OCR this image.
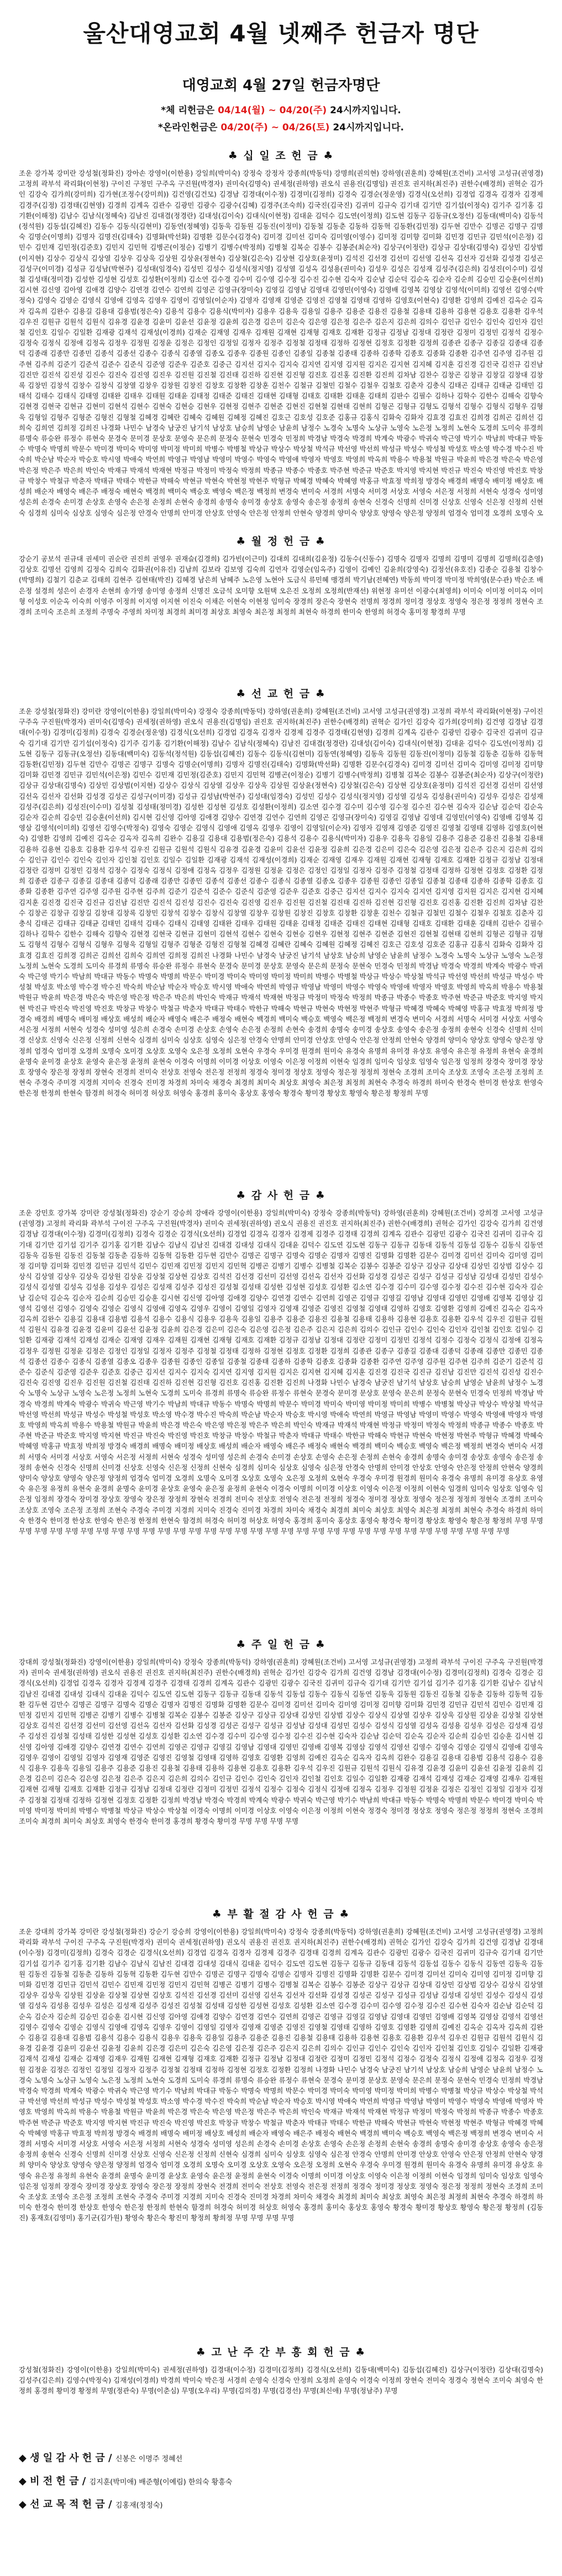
울산대영교회 4월 넷째주 헌금자 명단
대영교회 4월 27일 헌금자명단
*체 리헌금은 04/14(월) ~ 04/20(주) 24시까지입니다.
*온라인헌금은 04/20(주) ~ 04/26(토) 24시까지입니다.
♣ 십 일 조 헌 금 ♣
조운 강가복 강미란 강성철(정화진) 강아손 강영이(이한용) 강일희(박미숙) 강정숙 강정자 강종희(박동덕) 강명희(권의현) 강하영(권훈희) 강혜원(조건비) 고서영 고성규(권영경) 고정희 곽부석 곽리화(이현정) 구이진 구정민 구주옥 구진원(박경자) 권미숙(김명숙) 권세정(권하영) 권오식 권용진(김명임) 권진호 권지하(최진주) 권한수(배경희) 권혁순 김가인 김강숙 김가희(강미희) 김가현(조정수(강미희)) 김건영(김건모) 김경남 김경대(이수정) 김경미(김정희) 김경숙 김경순(정운영) 김경식(오선희) 김경업 김경옥 김경자 김경제 김경주(김정) 김경태(김현영) 김경희 김계옥 김관수 김광민 김광수 김광수(김혜) 김경주(조숙희) 김국진(김국진) 김귀미 김규숙 김기대 김기만 김기섭(이정숙) 김기주 김기홍 김기환(이해정) 김남수 김남식(정혜숙) 김남진 김대겸(정경란) 김대성(김이숙) 김대식(이현정) 김대윤 김덕수 김도연(이정희) 김도현 김동구 김동규(오정선) 김동대(백미숙) 김동석(정석원) 김동섭(김혜진) 김동수 김동식(김현미) 김동연(정혜영) 김동욱 김동원 김동진(이정미) 김동철 김동춘 김동하 김동혁 김동환(김민정) 김두현 김만수 김명곤 김명구 김명숙 김명순(이명희) 김명자 김명진(김태숙) 김명화(박선화) 김명환 김문수(김경숙) 김미경 김미선 김미숙 김미영(이영수) 김미정 김미향 김미화 김민경 김민규 김민석(이은정) 김민수 김민재 김민정(김준호) 김민지 김민혁 김병곤(이정순) 김병기 김병수(박정희) 김병철 김복순 김봉수 김봉준(최순자) 김상구(이정란) 김상규 김상대(김명숙) 김상민 김상범(이지현) 김상수 김상식 김상열 김상우 김상욱 김상원 김상윤(정현숙) 김상철(김은숙) 김상현 김상호(윤정미) 김석진 김선경 김선미 김선영 김선옥 김선자 김선화 김성경 김성곤 김성구(이미경) 김성규 김성남(박현주) 김성대(임경숙) 김성민 김성수 김성식(정지영) 김성열 김성옥 김성용(권미숙) 김성우 김성은 김성재 김성주(김은희) 김성진(이수미) 김성철 김성태(정미경) 김성한 김성현 김성호 김성환(이정희) 김소연 김수경 김수미 김수영 김수정 김수진 김수현 김숙자 김순남 김순덕 김순옥 김순자 김순희 김승민 김승훈(이선희) 김시현 김신영 김아영 김애경 김양수 김연경 김연수 김연희 김영곤 김영규(장미숙) 김영길 김영남 김영대 김영민(이영숙) 김영배 김영복 김영삼 김영석(이미희) 김영선 김영수(박정숙) 김영숙 김영순 김영식 김영애 김영옥 김영우 김영이 김영일(이순자) 김영자 김영재 김영준 김영진 김영철 김영태 김영하 김영호(이현숙) 김영환 김영희 김예진 김옥순 김옥자 김옥희 김완수 김용길 김용대 김용범(정은숙) 김용석 김용수 김용식(박미자) 김용우 김용욱 김용일 김용주 김용준 김용진 김용철 김용태 김용하 김용현 김용호 김용환 김우석 김우진 김원규 김원석 김원식 김유경 김윤경 김윤미 김윤선 김윤정 김윤희 김은경 김은미 김은숙 김은영 김은정 김은주 김은지 김은희 김의수 김인규 김인수 김인숙 김인자 김인철 김인호 김일수 김일환 김재광 김재석 김재성(이경희) 김재순 김재영 김재우 김재원 김재현 김재형 김재호 김재환 김정규 김정남 김정대 김정란 김정미 김정민 김정석 김정수 김정숙 김정식 김정애 김정옥 김정우 김정원 김정윤 김정은 김정인 김정일 김정자 김정주 김정철 김정태 김정하 김정현 김정호 김정환 김정희 김종관 김종구 김종길 김종대 김종덕 김종래 김종만 김종민 김종석 김종선 김종수 김종식 김종열 김종오 김종우 김종원 김종인 김종일 김종철 김종태 김종하 김종학 김종호 김종화 김종환 김주연 김주영 김주원 김주현 김주희 김준기 김준석 김준수 김준식 김준영 김준우 김준호 김중근 김지선 김지수 김지숙 김지연 김지영 김지원 김지은 김지현 김지혜 김지훈 김진경 김진국 김진규 김진남 김진만 김진석 김진성 김진수 김진숙 김진영 김진우 김진원 김진철 김진태 김진하 김진현 김진형 김진호 김진홍 김진환 김진희 김차남 김찬수 김창곤 김창규 김창길 김창대 김창록 김창민 김창석 김창수 김창식 김창열 김창우 김창원 김창진 김창호 김창환 김창훈 김천수 김철규 김철민 김철수 김철우 김철호 김춘자 김충식 김태곤 김태규 김태균 김태민 김태석 김태수 김태식 김태영 김태완 김태우 김태원 김태윤 김태정 김태준 김태진 김태현 김태형 김태호 김태환 김태훈 김태희 김판수 김필수 김하나 김학수 김한수 김해숙 김향숙 김현경 김현국 김현규 김현미 김현석 김현수 김현숙 김현승 김현우 김현정 김현주 김현준 김현진 김현철 김현태 김현희 김형곤 김형규 김형도 김형석 김형수 김형식 김형우 김형욱 김형일 김형주 김형준 김형진 김형철 김혜경 김혜란 김혜숙 김혜원 김혜정 김혜진 김호근 김호성 김호준 김홍규 김홍식 김화숙 김화자 김효경 김효진 김희경 김희곤 김희선 김희숙 김희연 김희정 김희진 나경화 나민수 남경숙 남궁진 남기석 남상호 남승희 남영순 남윤희 남정수 노경숙 노명숙 노상규 노영숙 노은정 노정희 노현숙 도경희 도미숙 류경희 류명숙 류승완 류정수 류현숙 문경숙 문미경 문상호 문영숙 문은희 문정숙 문현숙 민경숙 민정희 박경남 박경숙 박경희 박계숙 박광수 박귀숙 박근영 박기수 박남희 박대규 박동수 박명숙 박명희 박문수 박미경 박미숙 박미영 박미정 박미희 박병수 박병철 박상규 박상수 박상철 박석규 박선영 박선희 박성규 박성수 박성철 박성호 박소영 박수경 박수진 박숙희 박순남 박순자 박승호 박시영 박애숙 박연희 박영규 박영남 박영미 박영수 박영숙 박영애 박영자 박영호 박영희 박옥희 박용수 박용철 박원규 박윤희 박은경 박은숙 박은영 박은정 박은주 박은희 박인숙 박재규 박재석 박재현 박정규 박정미 박정숙 박정희 박종규 박종수 박종호 박주현 박준규 박준호 박지영 박지현 박진규 박진숙 박진영 박진호 박창규 박창수 박철규 박춘자 박태규 박태수 박한규 박해숙 박현규 박현숙 박현정 박현주 박형규 박혜경 박혜숙 박혜영 박홍규 박효정 박희정 방경숙 배경희 배명숙 배미정 배상호 배성희 배순자 배영숙 배은주 배정숙 배현숙 백경희 백미숙 백승호 백영숙 백은정 백정희 변경숙 변미숙 서경희 서명숙 서미경 서상호 서영숙 서은정 서정희 서현숙 성경숙 성미영 성은희 손경숙 손미경 손상호 손영숙 손은정 손정희 손현숙 송경희 송명숙 송미경 송상호 송영숙 송은정 송정희 송현숙 신경숙 신명희 신미경 신상호 신영숙 신은정 신정희 신현숙 심경희 심미숙 심상호 심영숙 심은정 안경숙 안명희 안미경 안상호 안영숙 안은정 안정희 안현숙 양경희 양미숙 양상호 양영숙 양은정 양정희 엄경숙 엄미경 오경희 오명숙 오
♣ 월 정 헌 금 ♣
강순기 공보석 권규대 권세미 권순란 권진희 권영우 권재슬(김경희) 김가빈(이근미) 김대희 김대희(김윤정) 김동수(신동수) 김명숙 김명자 김명희 김명미 김명희 김명희(김춘영) 김상호 김명선 김영희 김정숙 김희숙 김화권(이유진) 김남희 김보라 김보영 김숙희 김연자 김영순(임옥주) 김영이 김예인 김윤희(강영숙) 김정선(유호진) 김종순 김용철 김창수(박명희) 김철기 김춘교 김태희 김현주 김현태(박진) 김혜경 남은희 남혜주 노은영 노현아 도금식 류민혜 맹경희 박기남(전혜연) 박동희 박미경 박미정 박희영(문수관) 박순조 배은정 설경희 성은이 손경자 손현희 송가영 송미영 송정희 신명진 오금석 오미향 오원택 오은진 오정희 오정희(반재선) 위현정 유미선 이광수(최영희) 이미숙 이미정 이미옥 이미형 이성호 이순옥 이숙희 이영주 이정희 이지영 이지현 이진숙 이채은 이현숙 이현정 임미숙 장경희 장은숙 장현숙 전명희 정경희 정미경 정상호 정영숙 정은정 정정희 정현숙 조경희 조미숙 조은희 조정희 주명숙 주영희 차미정 최경희 최미경 최상호 최영숙 최은정 최정희 최현숙 하경희 한미숙 한영희 허경숙 홍미정 황경희 무명
♣ 선 교 헌 금 ♣
조운 강성철(정화진) 강미란 강영이(이한용) 강일희(박미숙) 강정숙 강종희(박동덕) 강하영(권훈희) 강혜원(조건비) 고서영 고성규(권영경) 고정희 곽부석 곽리화(이현정) 구이진 구주옥 구진원(박경자) 권미숙(김명숙) 권세정(권하영) 권오식 권용진(김명임) 권진호 권지하(최진주) 권한수(배경희) 권혁순 김가인 김강숙 김가희(강미희) 김건영 김경남 김경대(이수정) 김경미(김정희) 김경숙 김경순(정운영) 김경식(오선희) 김경업 김경옥 김경자 김경제 김경주 김경태(김현영) 김경희 김계옥 김관수 김광민 김광수 김국진 김귀미 김규숙 김기대 김기만 김기섭(이정숙) 김기주 김기홍 김기환(이해정) 김남수 김남식(정혜숙) 김남진 김대겸(정경란) 김대성(김이숙) 김대식(이현정) 김대윤 김덕수 김도연(이정희) 김도현 김동구 김동규(오정선) 김동대(백미숙) 김동석(정석원) 김동섭(김혜진) 김동수 김동식(김현미) 김동연(정혜영) 김동욱 김동원 김동진(이정미) 김동철 김동춘 김동하 김동혁 김동환(김민정) 김두현 김만수 김명곤 김명구 김명숙 김명순(이명희) 김명자 김명진(김태숙) 김명화(박선화) 김명환 김문수(김경숙) 김미경 김미선 김미숙 김미영 김미정 김미향 김미화 김민경 김민규 김민석(이은정) 김민수 김민재 김민정(김준호) 김민지 김민혁 김병곤(이정순) 김병기 김병수(박정희) 김병철 김복순 김봉수 김봉준(최순자) 김상구(이정란) 김상규 김상대(김명숙) 김상민 김상범(이지현) 김상수 김상식 김상열 김상우 김상욱 김상원 김상윤(정현숙) 김상철(김은숙) 김상현 김상호(윤정미) 김석진 김선경 김선미 김선영 김선옥 김선자 김선화 김성경 김성곤 김성구(이미경) 김성규 김성남(박현주) 김성대(임경숙) 김성민 김성수 김성식(정지영) 김성열 김성옥 김성용(권미숙) 김성우 김성은 김성재 김성주(김은희) 김성진(이수미) 김성철 김성태(정미경) 김성한 김성현 김성호 김성환(이정희) 김소연 김수경 김수미 김수영 김수정 김수진 김수현 김숙자 김순남 김순덕 김순옥 김순자 김순희 김승민 김승훈(이선희) 김시현 김신영 김아영 김애경 김양수 김연경 김연수 김연희 김영곤 김영규(장미숙) 김영길 김영남 김영대 김영민(이영숙) 김영배 김영복 김영삼 김영석(이미희) 김영선 김영수(박정숙) 김영숙 김영순 김영식 김영애 김영옥 김영우 김영이 김영일(이순자) 김영자 김영재 김영준 김영진 김영철 김영태 김영하 김영호(이현숙) 김영환 김영희 김예진 김옥순 김옥자 김옥희 김완수 김용길 김용대 김용범(정은숙) 김용석 김용수 김용식(박미자) 김용우 김용욱 김용일 김용주 김용준 김용진 김용철 김용태 김용하 김용현 김용호 김용환 김우석 김우진 김원규 김원석 김원식 김유경 김윤경 김윤미 김윤선 김윤정 김윤희 김은경 김은미 김은숙 김은영 김은정 김은주 김은지 김은희 김의수 김인규 김인수 김인숙 김인자 김인철 김인호 김일수 김일환 김재광 김재석 김재성(이경희) 김재순 김재영 김재우 김재원 김재현 김재형 김재호 김재환 김정규 김정남 김정대 김정란 김정미 김정민 김정석 김정수 김정숙 김정식 김정애 김정옥 김정우 김정원 김정윤 김정은 김정인 김정일 김정자 김정주 김정철 김정태 김정하 김정현 김정호 김정환 김정희 김종관 김종구 김종길 김종대 김종덕 김종래 김종만 김종민 김종석 김종선 김종수 김종식 김종열 김종오 김종우 김종원 김종인 김종일 김종철 김종태 김종하 김종학 김종호 김종화 김종환 김주연 김주영 김주원 김주현 김주희 김준기 김준석 김준수 김준식 김준영 김준우 김준호 김중근 김지선 김지수 김지숙 김지연 김지영 김지원 김지은 김지현 김지혜 김지훈 김진경 김진국 김진규 김진남 김진만 김진석 김진성 김진수 김진숙 김진영 김진우 김진원 김진철 김진태 김진하 김진현 김진형 김진호 김진홍 김진환 김진희 김차남 김찬수 김창곤 김창규 김창길 김창대 김창록 김창민 김창석 김창수 김창식 김창열 김창우 김창원 김창진 김창호 김창환 김창훈 김천수 김철규 김철민 김철수 김철우 김철호 김춘자 김충식 김태곤 김태규 김태균 김태민 김태석 김태수 김태식 김태영 김태완 김태우 김태원 김태윤 김태정 김태준 김태진 김태현 김태형 김태호 김태환 김태훈 김태희 김판수 김필수 김하나 김학수 김한수 김해숙 김향숙 김현경 김현국 김현규 김현미 김현석 김현수 김현숙 김현승 김현우 김현정 김현주 김현준 김현진 김현철 김현태 김현희 김형곤 김형규 김형도 김형석 김형수 김형식 김형우 김형욱 김형일 김형주 김형준 김형진 김형철 김혜경 김혜란 김혜숙 김혜원 김혜정 김혜진 김호근 김호성 김호준 김홍규 김홍식 김화숙 김화자 김효경 김효진 김희경 김희곤 김희선 김희숙 김희연 김희정 김희진 나경화 나민수 남경숙 남궁진 남기석 남상호 남승희 남영순 남윤희 남정수 노경숙 노명숙 노상규 노영숙 노은정 노정희 노현숙 도경희 도미숙 류경희 류명숙 류승완 류정수 류현숙 문경숙 문미경 문상호 문영숙 문은희 문정숙 문현숙 민경숙 민정희 박경남 박경숙 박경희 박계숙 박광수 박귀숙 박근영 박기수 박남희 박대규 박동수 박명숙 박명희 박문수 박미경 박미숙 박미영 박미정 박미희 박병수 박병철 박상규 박상수 박상철 박석규 박선영 박선희 박성규 박성수 박성철 박성호 박소영 박수경 박수진 박숙희 박순남 박순자 박승호 박시영 박애숙 박연희 박영규 박영남 박영미 박영수 박영숙 박영애 박영자 박영호 박영희 박옥희 박용수 박용철 박원규 박윤희 박은경 박은숙 박은영 박은정 박은주 박은희 박인숙 박재규 박재석 박재현 박정규 박정미 박정숙 박정희 박종규 박종수 박종호 박주현 박준규 박준호 박지영 박지현 박진규 박진숙 박진영 박진호 박창규 박창수 박철규 박춘자 박태규 박태수 박한규 박해숙 박현규 박현숙 박현정 박현주 박형규 박혜경 박혜숙 박혜영 박홍규 박효정 박희정 방경숙 배경희 배명숙 배미정 배상호 배성희 배순자 배영숙 배은주 배정숙 배현숙 백경희 백미숙 백승호 백영숙 백은정 백정희 변경숙 변미숙 서경희 서명숙 서미경 서상호 서영숙 서은정 서정희 서현숙 성경숙 성미영 성은희 손경숙 손미경 손상호 손영숙 손은정 손정희 손현숙 송경희 송명숙 송미경 송상호 송영숙 송은정 송정희 송현숙 신경숙 신명희 신미경 신상호 신영숙 신은정 신정희 신현숙 심경희 심미숙 심상호 심영숙 심은정 안경숙 안명희 안미경 안상호 안영숙 안은정 안정희 안현숙 양경희 양미숙 양상호 양영숙 양은정 양정희 엄경숙 엄미경 오경희 오명숙 오미경 오상호 오영숙 오은정 오정희 오현숙 우경숙 우미경 원경희 원미숙 유경숙 유명희 유미경 유상호 유영숙 유은정 유정희 유현숙 윤경희 윤명숙 윤미경 윤상호 윤영숙 윤은정 윤정희 윤현숙 이경숙 이명희 이미경 이상호 이영숙 이은정 이정희 이현숙 임경희 임미숙 임상호 임영숙 임은정 임정희 장경숙 장미경 장상호 장영숙 장은정 장정희 장현숙 전경희 전미숙 전상호 전영숙 전은정 전정희 정경숙 정미경 정상호 정영숙 정은정 정정희 정현숙 조경희 조미숙 조상호 조영숙 조은정 조정희 조현숙 주경숙 주미경 지경희 지미숙 진경숙 진미경 차경희 차미숙 채경숙 최경희 최미숙 최상호 최영숙 최은정 최정희 최현숙 추경숙 하경희 하미숙 한경숙 한미경 한상호 한영숙 한은정 한정희 한현숙 함경희 허경숙 허미경 허상호 허영숙 홍경희 홍미숙 홍상호 홍영숙 황경숙 황미경 황상호 황영숙 황은정 황정희 무명
♣ 감 사 헌 금 ♣
조운 강민호 강가복 강미란 강성철(정화진) 강순기 강승희 강애라 강영이(이한용) 강일희(박미숙) 강정숙 강종희(박동덕) 강하영(권훈희) 강혜원(조건비) 강희경 고서영 고성규(권영경) 고정희 곽리화 곽부석 구이진 구주옥 구진원(박경자) 권미숙 권세정(권하영) 권오식 권용진 권진호 권지하(최진주) 권한수(배경희) 권혁순 김가인 김강숙 김가희 김건영 김경남 김경대(이수정) 김경미(김정희) 김경숙 김경순 김경식(오선희) 김경업 김경옥 김경자 김경제 김경주 김경태 김경희 김계옥 김관수 김광민 김광수 김국진 김귀미 김규숙 김기대 김기만 김기섭 김기주 김기홍 김기환 김남수 김남식 김남진 김대겸 김대성 김대식 김대윤 김덕수 김도연 김도현 김동구 김동규 김동대 김동석 김동섭 김동수 김동식 김동연 김동욱 김동원 김동진 김동철 김동춘 김동하 김동혁 김동환 김두현 김만수 김명곤 김명구 김명숙 김명순 김명자 김명진 김명화 김명환 김문수 김미경 김미선 김미숙 김미영 김미정 김미향 김미화 김민경 김민규 김민석 김민수 김민재 김민정 김민지 김민혁 김병곤 김병기 김병수 김병철 김복순 김봉수 김봉준 김상구 김상규 김상대 김상민 김상범 김상수 김상식 김상열 김상우 김상욱 김상원 김상윤 김상철 김상현 김상호 김석진 김선경 김선미 김선영 김선옥 김선자 김선화 김성경 김성곤 김성구 김성규 김성남 김성대 김성민 김성수 김성식 김성열 김성옥 김성용 김성우 김성은 김성재 김성주 김성진 김성철 김성태 김성한 김성현 김성호 김성환 김소연 김수경 김수미 김수영 김수정 김수진 김수현 김숙자 김순남 김순덕 김순옥 김순자 김순희 김승민 김승훈 김시현 김신영 김아영 김애경 김양수 김연경 김연수 김연희 김영곤 김영규 김영길 김영남 김영대 김영민 김영배 김영복 김영삼 김영석 김영선 김영수 김영숙 김영순 김영식 김영애 김영옥 김영우 김영이 김영일 김영자 김영재 김영준 김영진 김영철 김영태 김영하 김영호 김영환 김영희 김예진 김옥순 김옥자 김옥희 김완수 김용길 김용대 김용범 김용석 김용수 김용식 김용우 김용욱 김용일 김용주 김용준 김용진 김용철 김용태 김용하 김용현 김용호 김용환 김우석 김우진 김원규 김원석 김원식 김유경 김윤경 김윤미 김윤선 김윤정 김윤희 김은경 김은미 김은숙 김은영 김은정 김은주 김은지 김은희 김의수 김인규 김인수 김인숙 김인자 김인철 김인호 김일수 김일환 김재광 김재석 김재성 김재순 김재영 김재우 김재원 김재현 김재형 김재호 김재환 김정규 김정남 김정대 김정란 김정미 김정민 김정석 김정수 김정숙 김정식 김정애 김정옥 김정우 김정원 김정윤 김정은 김정인 김정일 김정자 김정주 김정철 김정태 김정하 김정현 김정호 김정환 김정희 김종관 김종구 김종길 김종대 김종덕 김종래 김종만 김종민 김종석 김종선 김종수 김종식 김종열 김종오 김종우 김종원 김종인 김종일 김종철 김종태 김종하 김종학 김종호 김종화 김종환 김주연 김주영 김주원 김주현 김주희 김준기 김준석 김준수 김준식 김준영 김준우 김준호 김중근 김지선 김지수 김지숙 김지연 김지영 김지원 김지은 김지현 김지혜 김지훈 김진경 김진국 김진규 김진남 김진만 김진석 김진성 김진수 김진숙 김진영 김진우 김진원 김진철 김진태 김진하 김진현 김진형 김진호 김진홍 김진환 김진희 나경화 나민수 남경숙 남궁진 남기석 남상호 남승희 남영순 남윤희 남정수 노경숙 노명숙 노상규 노영숙 노은정 노정희 노현숙 도경희 도미숙 류경희 류명숙 류승완 류정수 류현숙 문경숙 문미경 문상호 문영숙 문은희 문정숙 문현숙 민경숙 민정희 박경남 박경숙 박경희 박계숙 박광수 박귀숙 박근영 박기수 박남희 박대규 박동수 박명숙 박명희 박문수 박미경 박미숙 박미영 박미정 박미희 박병수 박병철 박상규 박상수 박상철 박석규 박선영 박선희 박성규 박성수 박성철 박성호 박소영 박수경 박수진 박숙희 박순남 박순자 박승호 박시영 박애숙 박연희 박영규 박영남 박영미 박영수 박영숙 박영애 박영자 박영호 박영희 박옥희 박용수 박용철 박원규 박윤희 박은경 박은숙 박은영 박은정 박은주 박은희 박인숙 박재규 박재석 박재현 박정규 박정미 박정숙 박정희 박종규 박종수 박종호 박주현 박준규 박준호 박지영 박지현 박진규 박진숙 박진영 박진호 박창규 박창수 박철규 박춘자 박태규 박태수 박한규 박해숙 박현규 박현숙 박현정 박현주 박형규 박혜경 박혜숙 박혜영 박홍규 박효정 박희정 방경숙 배경희 배명숙 배미정 배상호 배성희 배순자 배영숙 배은주 배정숙 배현숙 백경희 백미숙 백승호 백영숙 백은정 백정희 변경숙 변미숙 서경희 서명숙 서미경 서상호 서영숙 서은정 서정희 서현숙 성경숙 성미영 성은희 손경숙 손미경 손상호 손영숙 손은정 손정희 손현숙 송경희 송명숙 송미경 송상호 송영숙 송은정 송정희 송현숙 신경숙 신명희 신미경 신상호 신영숙 신은정 신정희 신현숙 심경희 심미숙 심상호 심영숙 심은정 안경숙 안명희 안미경 안상호 안영숙 안은정 안정희 안현숙 양경희 양미숙 양상호 양영숙 양은정 양정희 엄경숙 엄미경 오경희 오명숙 오미경 오상호 오영숙 오은정 오정희 오현숙 우경숙 우미경 원경희 원미숙 유경숙 유명희 유미경 유상호 유영숙 유은정 유정희 유현숙 윤경희 윤명숙 윤미경 윤상호 윤영숙 윤은정 윤정희 윤현숙 이경숙 이명희 이미경 이상호 이영숙 이은정 이정희 이현숙 임경희 임미숙 임상호 임영숙 임은정 임정희 장경숙 장미경 장상호 장영숙 장은정 장정희 장현숙 전경희 전미숙 전상호 전영숙 전은정 전정희 정경숙 정미경 정상호 정영숙 정은정 정정희 정현숙 조경희 조미숙 조상호 조영숙 조은정 조정희 조현숙 주경숙 주미경 지경희 지미숙 진경숙 진미경 차경희 차미숙 채경숙 최경희 최미숙 최상호 최영숙 최은정 최정희 최현숙 추경숙 하경희 하미숙 한경숙 한미경 한상호 한영숙 한은정 한정희 한현숙 함경희 허경숙 허미경 허상호 허영숙 홍경희 홍미숙 홍상호 홍영숙 황경숙 황미경 황상호 황영숙 황은정 황정희 무명 무명 무명 무명 무명 무명 무명 무명 무명 무명 무명 무명 무명 무명 무명 무명 무명 무명 무명 무명 무명 무명 무명 무명 무명 무명 무명 무명 무명 무명 무명 무명 무명 무명
♣ 주 일 헌 금 ♣
강대희 강성철(정화진) 강영이(이한용) 강일희(박미숙) 강정숙 강종희(박동덕) 강하영(권훈희) 강혜원(조건비) 고서영 고성규(권영경) 고정희 곽부석 구이진 구주옥 구진원(박경자) 권미숙 권세정(권하영) 권오식 권용진 권진호 권지하(최진주) 권한수(배경희) 권혁순 김가인 김강숙 김가희 김건영 김경남 김경대(이수정) 김경미(김정희) 김경숙 김경순 김경식(오선희) 김경업 김경옥 김경자 김경제 김경주 김경태 김경희 김계옥 김관수 김광민 김광수 김국진 김귀미 김규숙 김기대 김기만 김기섭 김기주 김기홍 김기환 김남수 김남식 김남진 김대겸 김대성 김대식 김대윤 김덕수 김도연 김도현 김동구 김동규 김동대 김동석 김동섭 김동수 김동식 김동연 김동욱 김동원 김동진 김동철 김동춘 김동하 김동혁 김동환 김두현 김만수 김명곤 김명구 김명숙 김명순 김명자 김명진 김명화 김명환 김문수 김미경 김미선 김미숙 김미영 김미정 김미향 김미화 김민경 김민규 김민석 김민수 김민재 김민정 김민지 김민혁 김병곤 김병기 김병수 김병철 김복순 김봉수 김봉준 김상구 김상규 김상대 김상민 김상범 김상수 김상식 김상열 김상우 김상욱 김상원 김상윤 김상철 김상현 김상호 김석진 김선경 김선미 김선영 김선옥 김선자 김선화 김성경 김성곤 김성구 김성규 김성남 김성대 김성민 김성수 김성식 김성열 김성옥 김성용 김성우 김성은 김성재 김성주 김성진 김성철 김성태 김성한 김성현 김성호 김성환 김소연 김수경 김수미 김수영 김수정 김수진 김수현 김숙자 김순남 김순덕 김순옥 김순자 김순희 김승민 김승훈 김시현 김신영 김아영 김애경 김양수 김연경 김연수 김연희 김영곤 김영규 김영길 김영남 김영대 김영민 김영배 김영복 김영삼 김영석 김영선 김영수 김영숙 김영순 김영식 김영애 김영옥 김영우 김영이 김영일 김영자 김영재 김영준 김영진 김영철 김영태 김영하 김영호 김영환 김영희 김예진 김옥순 김옥자 김옥희 김완수 김용길 김용대 김용범 김용석 김용수 김용식 김용우 김용욱 김용일 김용주 김용준 김용진 김용철 김용태 김용하 김용현 김용호 김용환 김우석 김우진 김원규 김원석 김원식 김유경 김윤경 김윤미 김윤선 김윤정 김윤희 김은경 김은미 김은숙 김은영 김은정 김은주 김은지 김은희 김의수 김인규 김인수 김인숙 김인자 김인철 김인호 김일수 김일환 김재광 김재석 김재성 김재순 김재영 김재우 김재원 김재현 김재형 김재호 김재환 김정규 김정남 김정대 김정란 김정미 김정민 김정석 김정수 김정숙 김정식 김정애 김정옥 김정우 김정원 김정윤 김정은 김정인 김정일 김정자 김정주 김정철 김정태 김정하 김정현 김정호 김정환 김정희 박경남 박경숙 박경희 박계숙 박광수 박귀숙 박근영 박기수 박남희 박대규 박동수 박명숙 박명희 박문수 박미경 박미숙 박미영 박미정 박미희 박병수 박병철 박상규 박상수 박상철 이경숙 이명희 이미경 이상호 이영숙 이은정 이정희 이현숙 정경숙 정미경 정상호 정영숙 정은정 정정희 정현숙 조경희 조미숙 최경희 최미숙 최상호 최영숙 한경숙 한미경 홍경희 황경숙 황미경 무명 무명 무명 무명
♣ 부 활 절 감 사 헌 금 ♣
조운 강대희 강가복 강미란 강성철(정화진) 강순기 강승희 강영이(이한용) 강일희(박미숙) 강정숙 강종희(박동덕) 강하영(권훈희) 강혜원(조건비) 고서영 고성규(권영경) 고정희 곽리화 곽부석 구이진 구주옥 구진원(박경자) 권미숙 권세정(권하영) 권오식 권용진 권진호 권지하(최진주) 권한수(배경희) 권혁순 김가인 김강숙 김가희 김건영 김경남 김경대(이수정) 김경미(김정희) 김경숙 김경순 김경식(오선희) 김경업 김경옥 김경자 김경제 김경주 김경태 김경희 김계옥 김관수 김광민 김광수 김국진 김귀미 김규숙 김기대 김기만 김기섭 김기주 김기홍 김기환 김남수 김남식 김남진 김대겸 김대성 김대식 김대윤 김덕수 김도연 김도현 김동구 김동규 김동대 김동석 김동섭 김동수 김동식 김동연 김동욱 김동원 김동진 김동철 김동춘 김동하 김동혁 김동환 김두현 김만수 김명곤 김명구 김명숙 김명순 김명자 김명진 김명화 김명환 김문수 김미경 김미선 김미숙 김미영 김미정 김미향 김미화 김민경 김민규 김민석 김민수 김민재 김민정 김민지 김민혁 김병곤 김병기 김병수 김병철 김복순 김봉수 김봉준 김상구 김상규 김상대 김상민 김상범 김상수 김상식 김상열 김상우 김상욱 김상원 김상윤 김상철 김상현 김상호 김석진 김선경 김선미 김선영 김선옥 김선자 김선화 김성경 김성곤 김성구 김성규 김성남 김성대 김성민 김성수 김성식 김성열 김성옥 김성용 김성우 김성은 김성재 김성주 김성진 김성철 김성태 김성한 김성현 김성호 김성환 김소연 김수경 김수미 김수영 김수정 김수진 김수현 김숙자 김순남 김순덕 김순옥 김순자 김순희 김승민 김승훈 김시현 김신영 김아영 김애경 김양수 김연경 김연수 김연희 김영곤 김영규 김영길 김영남 김영대 김영민 김영배 김영복 김영삼 김영석 김영선 김영수 김영숙 김영순 김영식 김영애 김영옥 김영우 김영이 김영일 김영자 김영재 김영준 김영진 김영철 김영태 김영하 김영호 김영환 김영희 김예진 김옥순 김옥자 김옥희 김완수 김용길 김용대 김용범 김용석 김용수 김용식 김용우 김용욱 김용일 김용주 김용준 김용진 김용철 김용태 김용하 김용현 김용호 김용환 김우석 김우진 김원규 김원석 김원식 김유경 김윤경 김윤미 김윤선 김윤정 김윤희 김은경 김은미 김은숙 김은영 김은정 김은주 김은지 김은희 김의수 김인규 김인수 김인숙 김인자 김인철 김인호 김일수 김일환 김재광 김재석 김재성 김재순 김재영 김재우 김재원 김재현 김재형 김재호 김재환 김정규 김정남 김정대 김정란 김정미 김정민 김정석 김정수 김정숙 김정식 김정애 김정옥 김정우 김정원 김정윤 김정은 김정인 김정일 김정자 김정주 김정철 김정태 김정하 김정현 김정호 김정환 김정희 나경화 나민수 남경숙 남궁진 남기석 남상호 남승희 남영순 남윤희 남정수 노경숙 노명숙 노상규 노영숙 노은정 노정희 노현숙 도경희 도미숙 류경희 류명숙 류승완 류정수 류현숙 문경숙 문미경 문상호 문영숙 문은희 문정숙 문현숙 민경숙 민정희 박경남 박경숙 박경희 박계숙 박광수 박귀숙 박근영 박기수 박남희 박대규 박동수 박명숙 박명희 박문수 박미경 박미숙 박미영 박미정 박미희 박병수 박병철 박상규 박상수 박상철 박석규 박선영 박선희 박성규 박성수 박성철 박성호 박소영 박수경 박수진 박숙희 박순남 박순자 박승호 박시영 박애숙 박연희 박영규 박영남 박영미 박영수 박영숙 박영애 박영자 박영호 박영희 박옥희 박용수 박용철 박원규 박윤희 박은경 박은숙 박은영 박은정 박은주 박은희 박인숙 박재규 박재석 박재현 박정규 박정미 박정숙 박정희 박종규 박종수 박종호 박주현 박준규 박준호 박지영 박지현 박진규 박진숙 박진영 박진호 박창규 박창수 박철규 박춘자 박태규 박태수 박한규 박해숙 박현규 박현숙 박현정 박현주 박형규 박혜경 박혜숙 박혜영 박홍규 박효정 박희정 방경숙 배경희 배명숙 배미정 배상호 배성희 배순자 배영숙 배은주 배정숙 배현숙 백경희 백미숙 백승호 백영숙 백은정 백정희 변경숙 변미숙 서경희 서명숙 서미경 서상호 서영숙 서은정 서정희 서현숙 성경숙 성미영 성은희 손경숙 손미경 손상호 손영숙 손은정 손정희 손현숙 송경희 송명숙 송미경 송상호 송영숙 송은정 송정희 송현숙 신경숙 신명희 신미경 신상호 신영숙 신은정 신정희 신현숙 심경희 심미숙 심상호 심영숙 심은정 안경숙 안명희 안미경 안상호 안영숙 안은정 안정희 안현숙 양경희 양미숙 양상호 양영숙 양은정 양정희 엄경숙 엄미경 오경희 오명숙 오미경 오상호 오영숙 오은정 오정희 오현숙 우경숙 우미경 원경희 원미숙 유경숙 유명희 유미경 유상호 유영숙 유은정 유정희 유현숙 윤경희 윤명숙 윤미경 윤상호 윤영숙 윤은정 윤정희 윤현숙 이경숙 이명희 이미경 이상호 이영숙 이은정 이정희 이현숙 임경희 임미숙 임상호 임영숙 임은정 임정희 장경숙 장미경 장상호 장영숙 장은정 장정희 장현숙 전경희 전미숙 전상호 전영숙 전은정 전정희 정경숙 정미경 정상호 정영숙 정은정 정정희 정현숙 조경희 조미숙 조상호 조영숙 조은정 조정희 조현숙 주경숙 주미경 지경희 지미숙 진경숙 진미경 차경희 차미숙 채경숙 최경희 최미숙 최상호 최영숙 최은정 최정희 최현숙 추경숙 하경희 하미숙 한경숙 한미경 한상호 한영숙 한은정 한정희 한현숙 함경희 허경숙 허미경 허상호 허영숙 홍경희 홍미숙 홍상호 홍영숙 황경숙 황미경 황상호 황영숙 황은정 황정희 (김동진) 홍재호(김영미) 홍기군(김가원) 황영숙 황은숙 황진미 황정희 황희정 무명 무명 무명 무명
♣ 고 난 주 간 부 흥 회 헌 금 ♣
강성철(정화진) 강영이(이한용) 강일희(박미숙) 권세정(권하영) 김경대(이수정) 김경미(김정희) 김경식(오선희) 김동대(백미숙) 김동섭(김혜진) 김상구(이정란) 김상대(김명숙) 김성주(김은희) 김영수(박정숙) 김재성(이경희) 박경희 박미숙 박은정 서경희 손영숙 신경숙 안정희 오정희 윤영숙 이경숙 이정희 장현숙 전미숙 정경숙 정현숙 조미숙 최영숙 한정희 홍경희 황미경 황정희 무명(정관숙) 무명(이춘심) 무명(오우리) 무명(김의경) 무명(김경선) 무명(최신애) 무명(정남주) 무명
◆ 생 일 감 사 헌 금 / 신봉은 이명주 정혜선
◆ 비 전 헌 금 / 김지훈(박미애) 배준형(이예림) 한의숙 황흥숙
◆ 선 교 목 적 헌 금 / 김홍재(정정숙)
